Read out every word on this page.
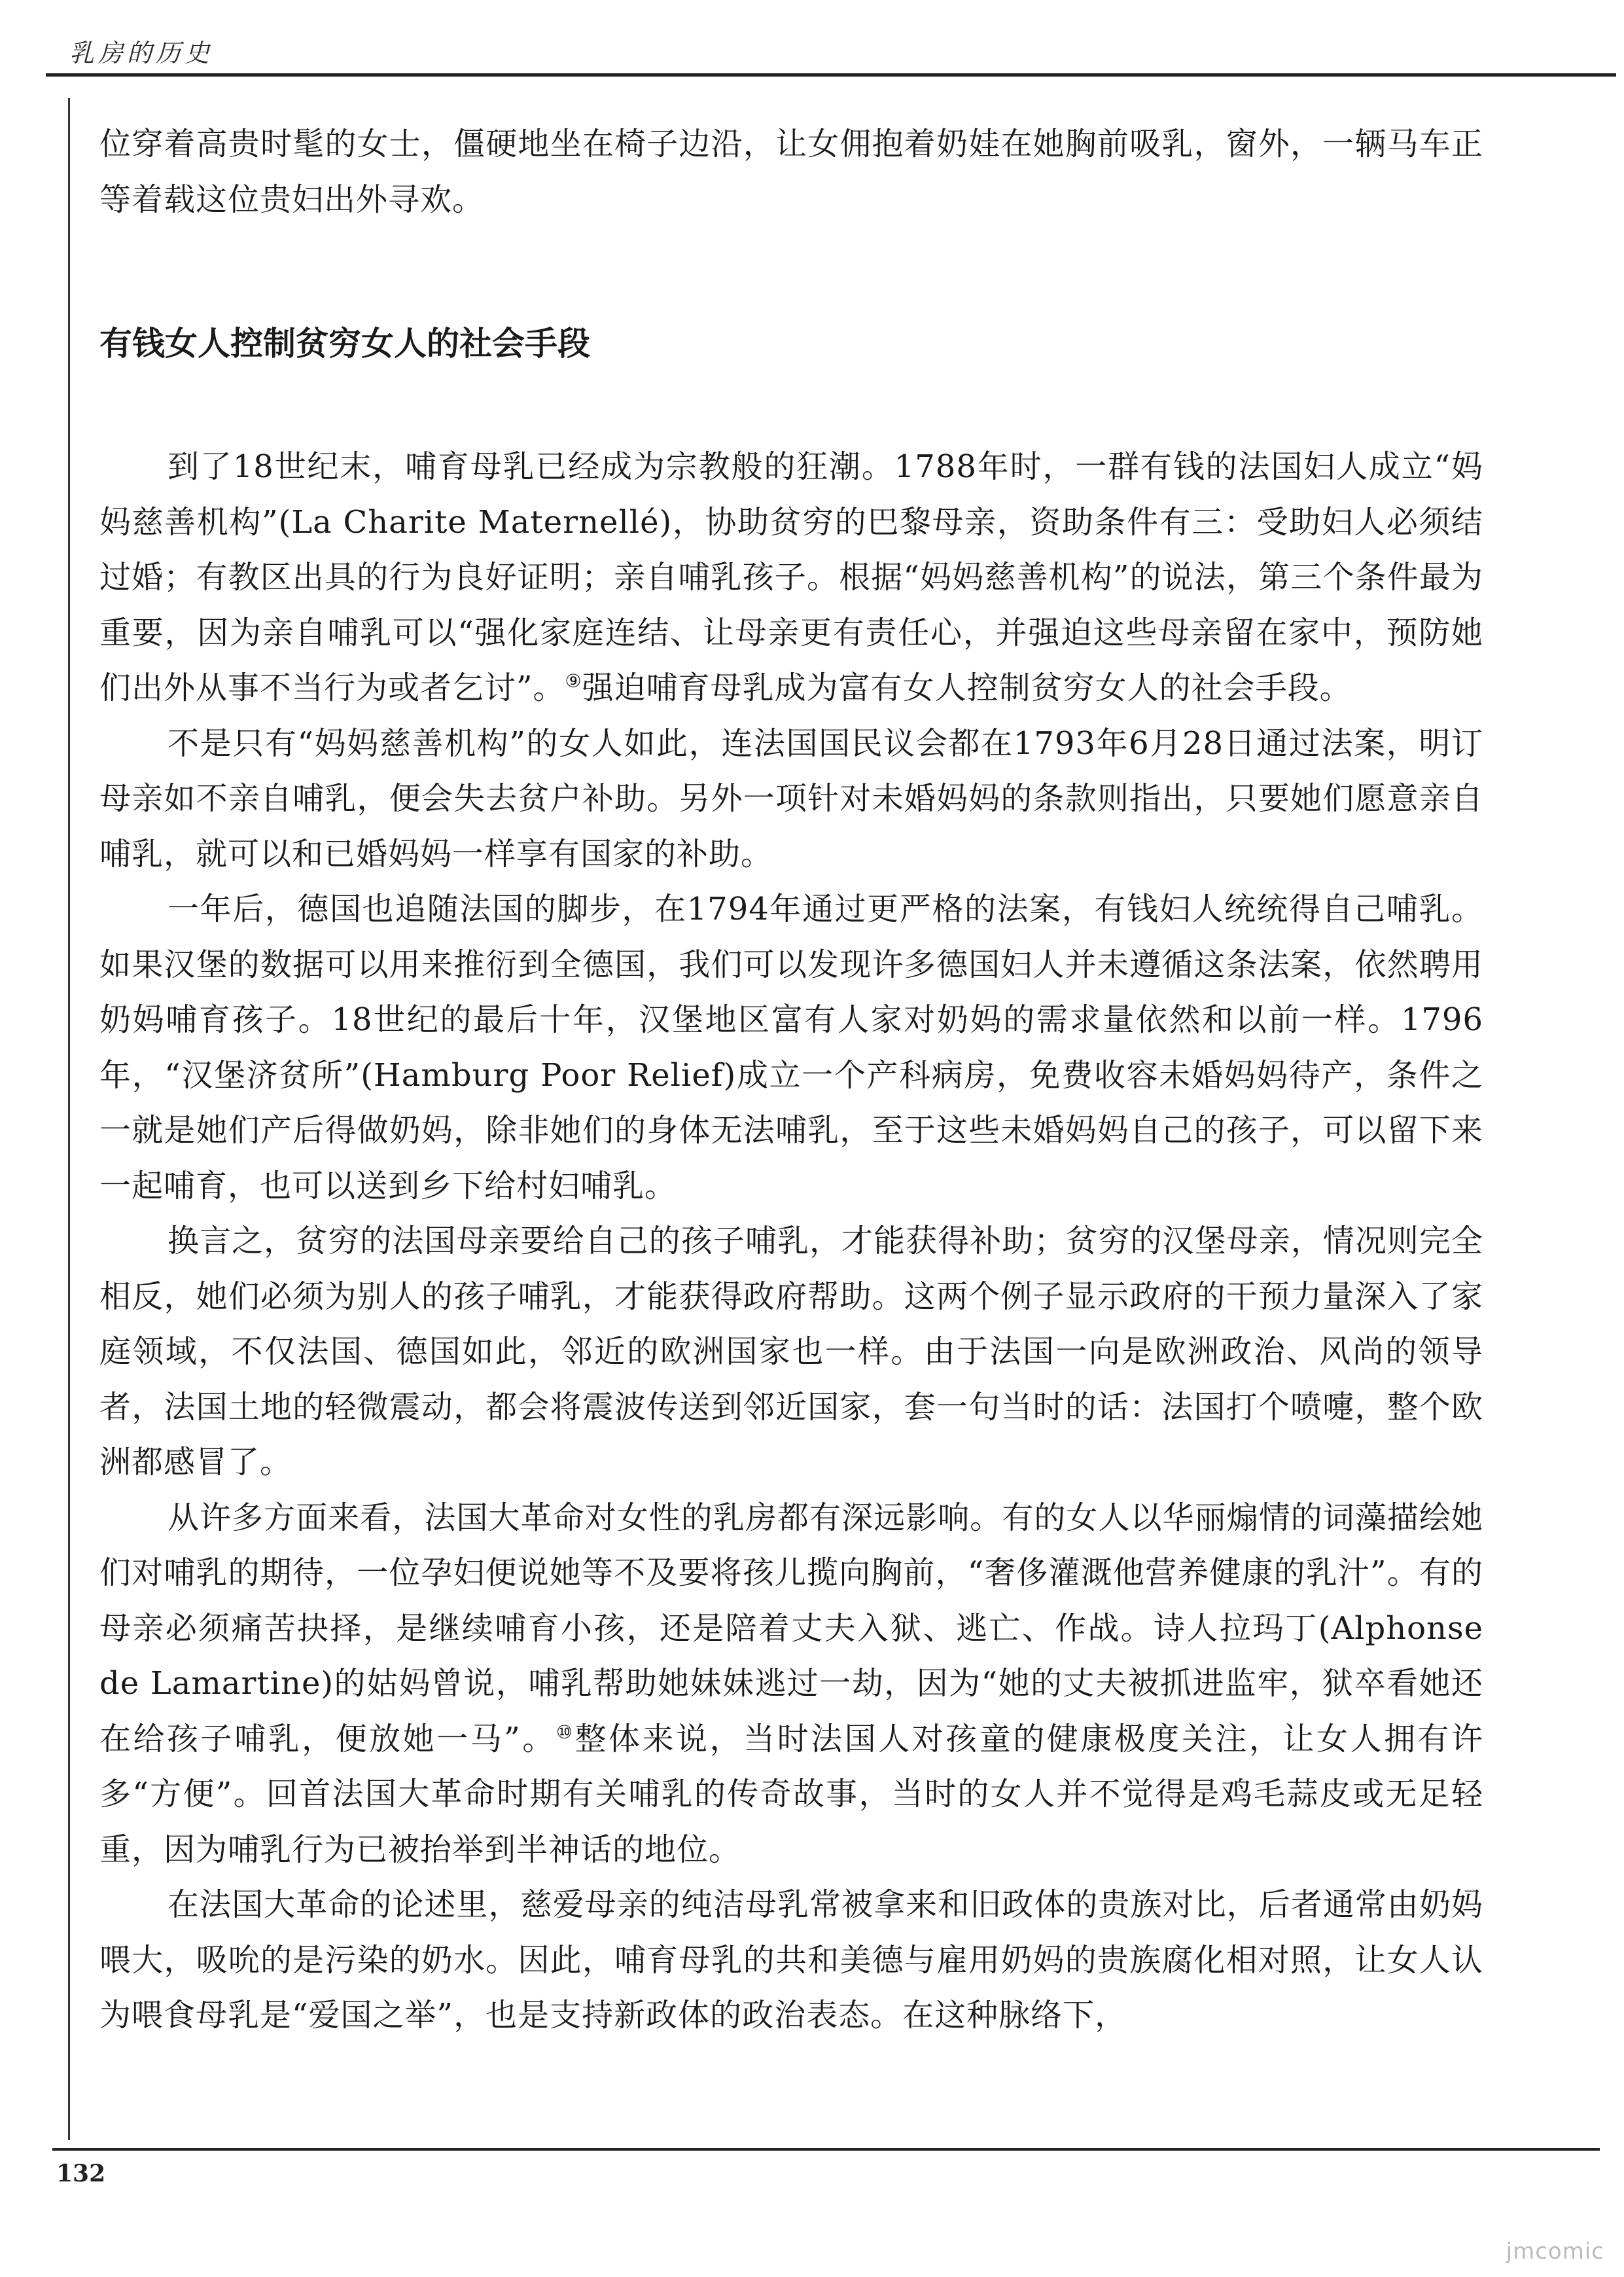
乳房的历史

位穿着高贵时髦的女士，僵硬地坐在椅子边沿，让女佣抱着奶娃在她胸前吸乳，窗外，一辆马车正等着载这位贵妇出外寻欢。

有钱女人控制贫穷女人的社会手段

到了18世纪末，哺育母乳已经成为宗教般的狂潮。1788年时，一群有钱的法国妇人成立“妈妈慈善机构”(La Charite Maternellé)，协助贫穷的巴黎母亲，资助条件有三：受助妇人必须结过婚；有教区出具的行为良好证明；亲自哺乳孩子。根据“妈妈慈善机构”的说法，第三个条件最为重要，因为亲自哺乳可以“强化家庭连结、让母亲更有责任心，并强迫这些母亲留在家中，预防她们出外从事不当行为或者乞讨”。⑨强迫哺育母乳成为富有女人控制贫穷女人的社会手段。

不是只有“妈妈慈善机构”的女人如此，连法国国民议会都在1793年6月28日通过法案，明订母亲如不亲自哺乳，便会失去贫户补助。另外一项针对未婚妈妈的条款则指出，只要她们愿意亲自哺乳，就可以和已婚妈妈一样享有国家的补助。

一年后，德国也追随法国的脚步，在1794年通过更严格的法案，有钱妇人统统得自己哺乳。如果汉堡的数据可以用来推衍到全德国，我们可以发现许多德国妇人并未遵循这条法案，依然聘用奶妈哺育孩子。18世纪的最后十年，汉堡地区富有人家对奶妈的需求量依然和以前一样。1796年，“汉堡济贫所”(Hamburg Poor Relief)成立一个产科病房，免费收容未婚妈妈待产，条件之一就是她们产后得做奶妈，除非她们的身体无法哺乳，至于这些未婚妈妈自己的孩子，可以留下来一起哺育，也可以送到乡下给村妇哺乳。

换言之，贫穷的法国母亲要给自己的孩子哺乳，才能获得补助；贫穷的汉堡母亲，情况则完全相反，她们必须为别人的孩子哺乳，才能获得政府帮助。这两个例子显示政府的干预力量深入了家庭领域，不仅法国、德国如此，邻近的欧洲国家也一样。由于法国一向是欧洲政治、风尚的领导者，法国土地的轻微震动，都会将震波传送到邻近国家，套一句当时的话：法国打个喷嚏，整个欧洲都感冒了。

从许多方面来看，法国大革命对女性的乳房都有深远影响。有的女人以华丽煽情的词藻描绘她们对哺乳的期待，一位孕妇便说她等不及要将孩儿揽向胸前，“奢侈灌溉他营养健康的乳汁”。有的母亲必须痛苦抉择，是继续哺育小孩，还是陪着丈夫入狱、逃亡、作战。诗人拉玛丁(Alphonse de Lamartine)的姑妈曾说，哺乳帮助她妹妹逃过一劫，因为“她的丈夫被抓进监牢，狱卒看她还在给孩子哺乳，便放她一马”。⑩整体来说，当时法国人对孩童的健康极度关注，让女人拥有许多“方便”。回首法国大革命时期有关哺乳的传奇故事，当时的女人并不觉得是鸡毛蒜皮或无足轻重，因为哺乳行为已被抬举到半神话的地位。

在法国大革命的论述里，慈爱母亲的纯洁母乳常被拿来和旧政体的贵族对比，后者通常由奶妈喂大，吸吮的是污染的奶水。因此，哺育母乳的共和美德与雇用奶妈的贵族腐化相对照，让女人认为喂食母乳是“爱国之举”，也是支持新政体的政治表态。在这种脉络下，

132
jmcomic
